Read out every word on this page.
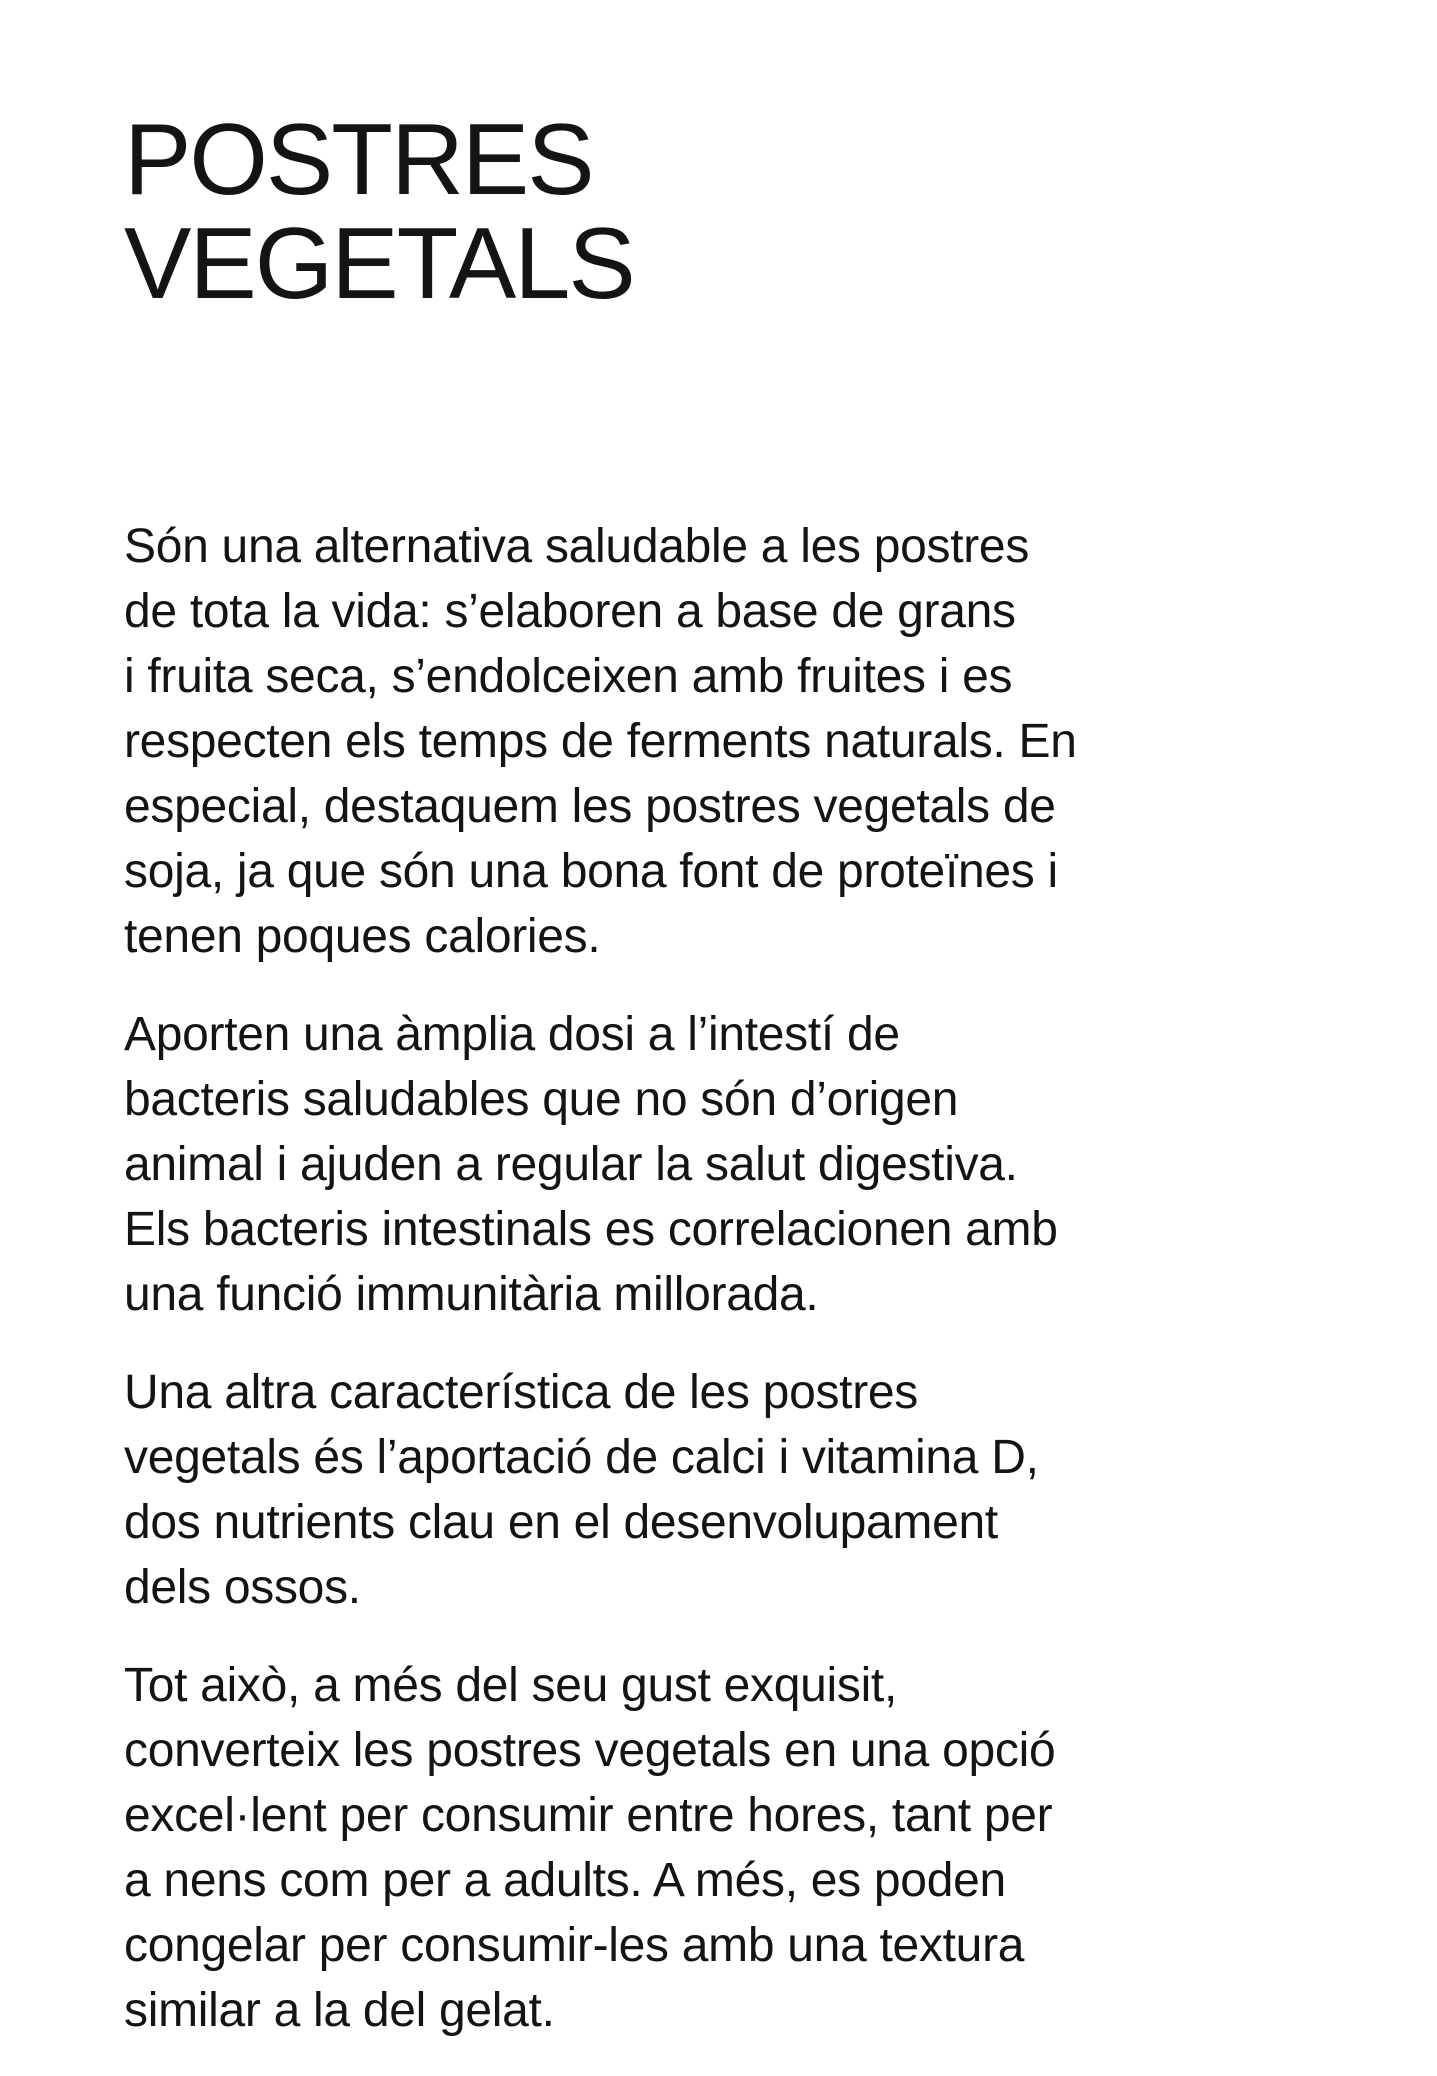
POSTRES
VEGETALS

Són una alternativa saludable a les postres
de tota la vida: s’elaboren a base de grans
i fruita seca, s’endolceixen amb fruites i es
respecten els temps de ferments naturals. En
especial, destaquem les postres vegetals de
soja, ja que són una bona font de proteïnes i
tenen poques calories.

Aporten una àmplia dosi a l’intestí de
bacteris saludables que no són d’origen
animal i ajuden a regular la salut digestiva.
Els bacteris intestinals es correlacionen amb
una funció immunitària millorada.

Una altra característica de les postres
vegetals és l’aportació de calci i vitamina D,
dos nutrients clau en el desenvolupament
dels ossos.

Tot això, a més del seu gust exquisit,
converteix les postres vegetals en una opció
excel·lent per consumir entre hores, tant per
a nens com per a adults. A més, es poden
congelar per consumir-les amb una textura
similar a la del gelat.
